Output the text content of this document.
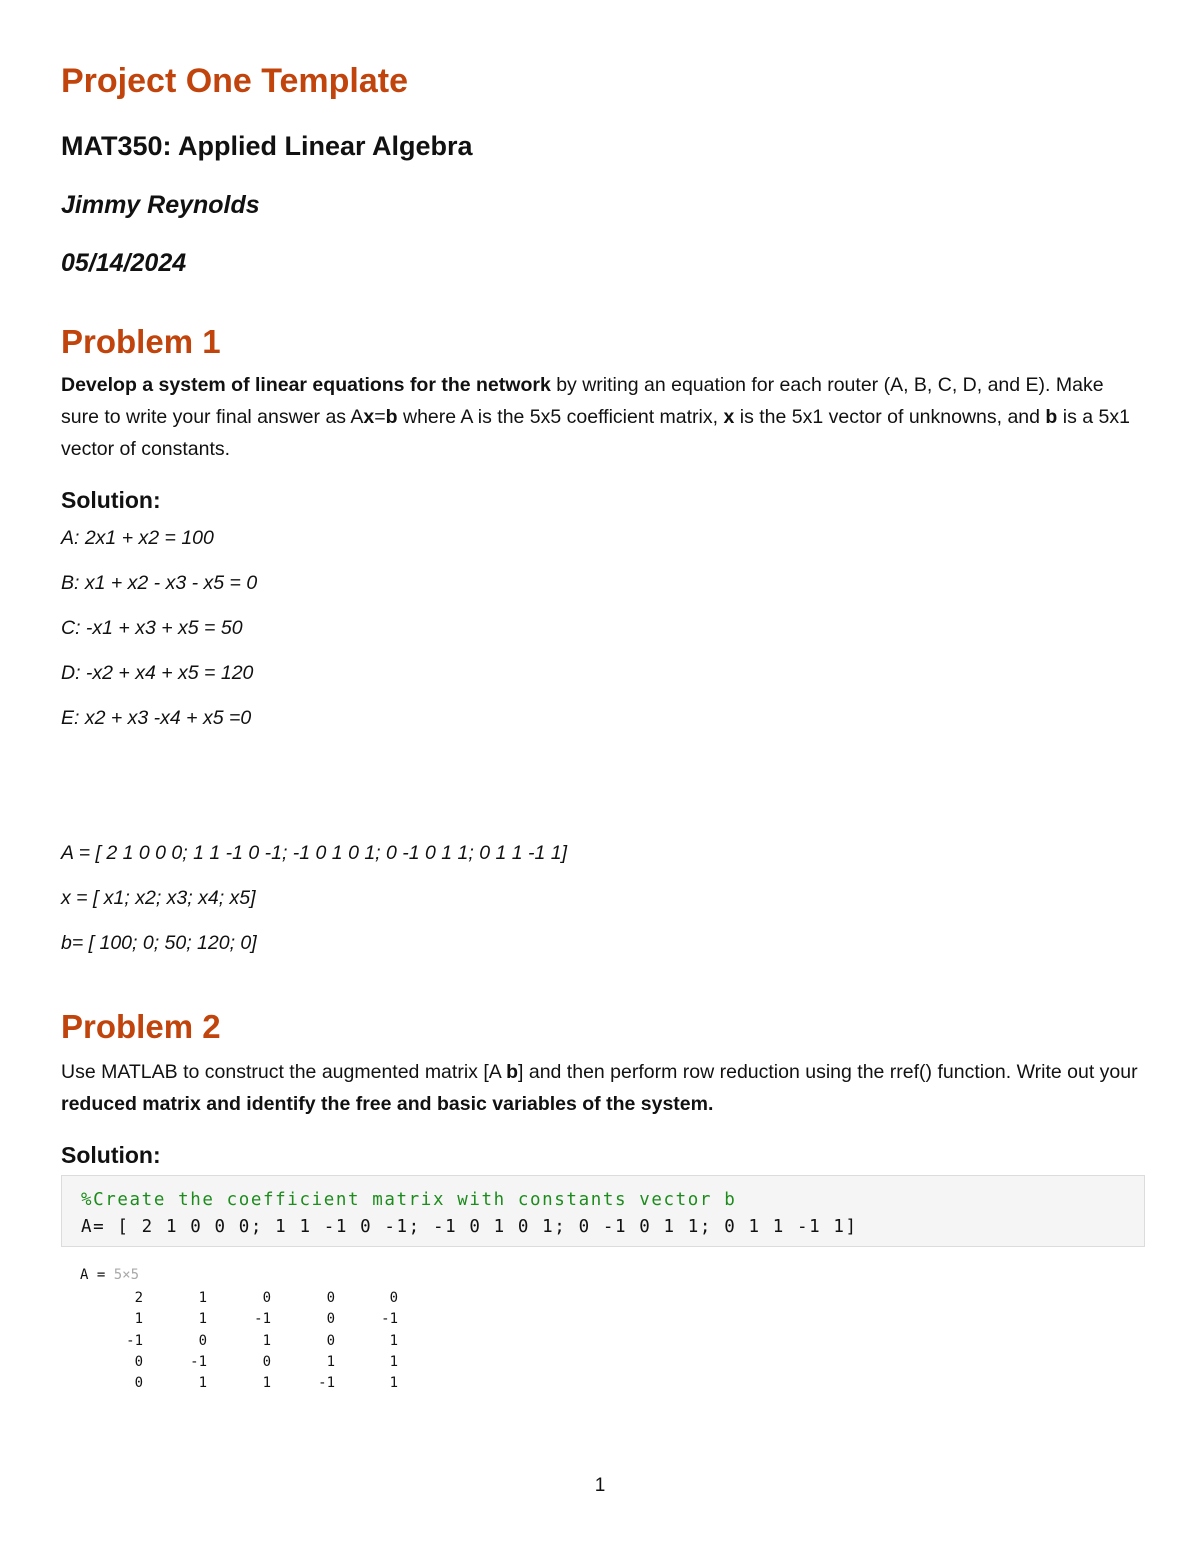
Project One Template
MAT350: Applied Linear Algebra
Jimmy Reynolds
05/14/2024
Problem 1
Develop a system of linear equations for the network by writing an equation for each router (A, B, C, D, and E). Make sure to write your final answer as Ax=b where A is the 5x5 coefficient matrix, x is the 5x1 vector of unknowns, and b is a 5x1 vector of constants.
Solution:
A: 2x1 + x2 = 100
B: x1 + x2 - x3 - x5 = 0
C: -x1 + x3 + x5 = 50
D: -x2 + x4 + x5 = 120
E: x2 + x3 -x4 + x5 =0
A = [ 2 1 0 0 0; 1 1 -1 0 -1; -1 0 1 0 1; 0 -1 0 1 1; 0 1 1 -1 1]
x = [ x1; x2; x3; x4; x5]
b= [ 100; 0; 50; 120; 0]
Problem 2
Use MATLAB to construct the augmented matrix [A b] and then perform row reduction using the rref() function. Write out your reduced matrix and identify the free and basic variables of the system.
Solution:
%Create the coefficient matrix with constants vector b
A= [ 2 1 0 0 0; 1 1 -1 0 -1; -1 0 1 0 1; 0 -1 0 1 1; 0 1 1 -1 1]
A = 5×5
2	1	0	0	0
1	1	-1	0	-1
-1	0	1	0	1
0	-1	0	1	1
0	1	1	-1	1
1
